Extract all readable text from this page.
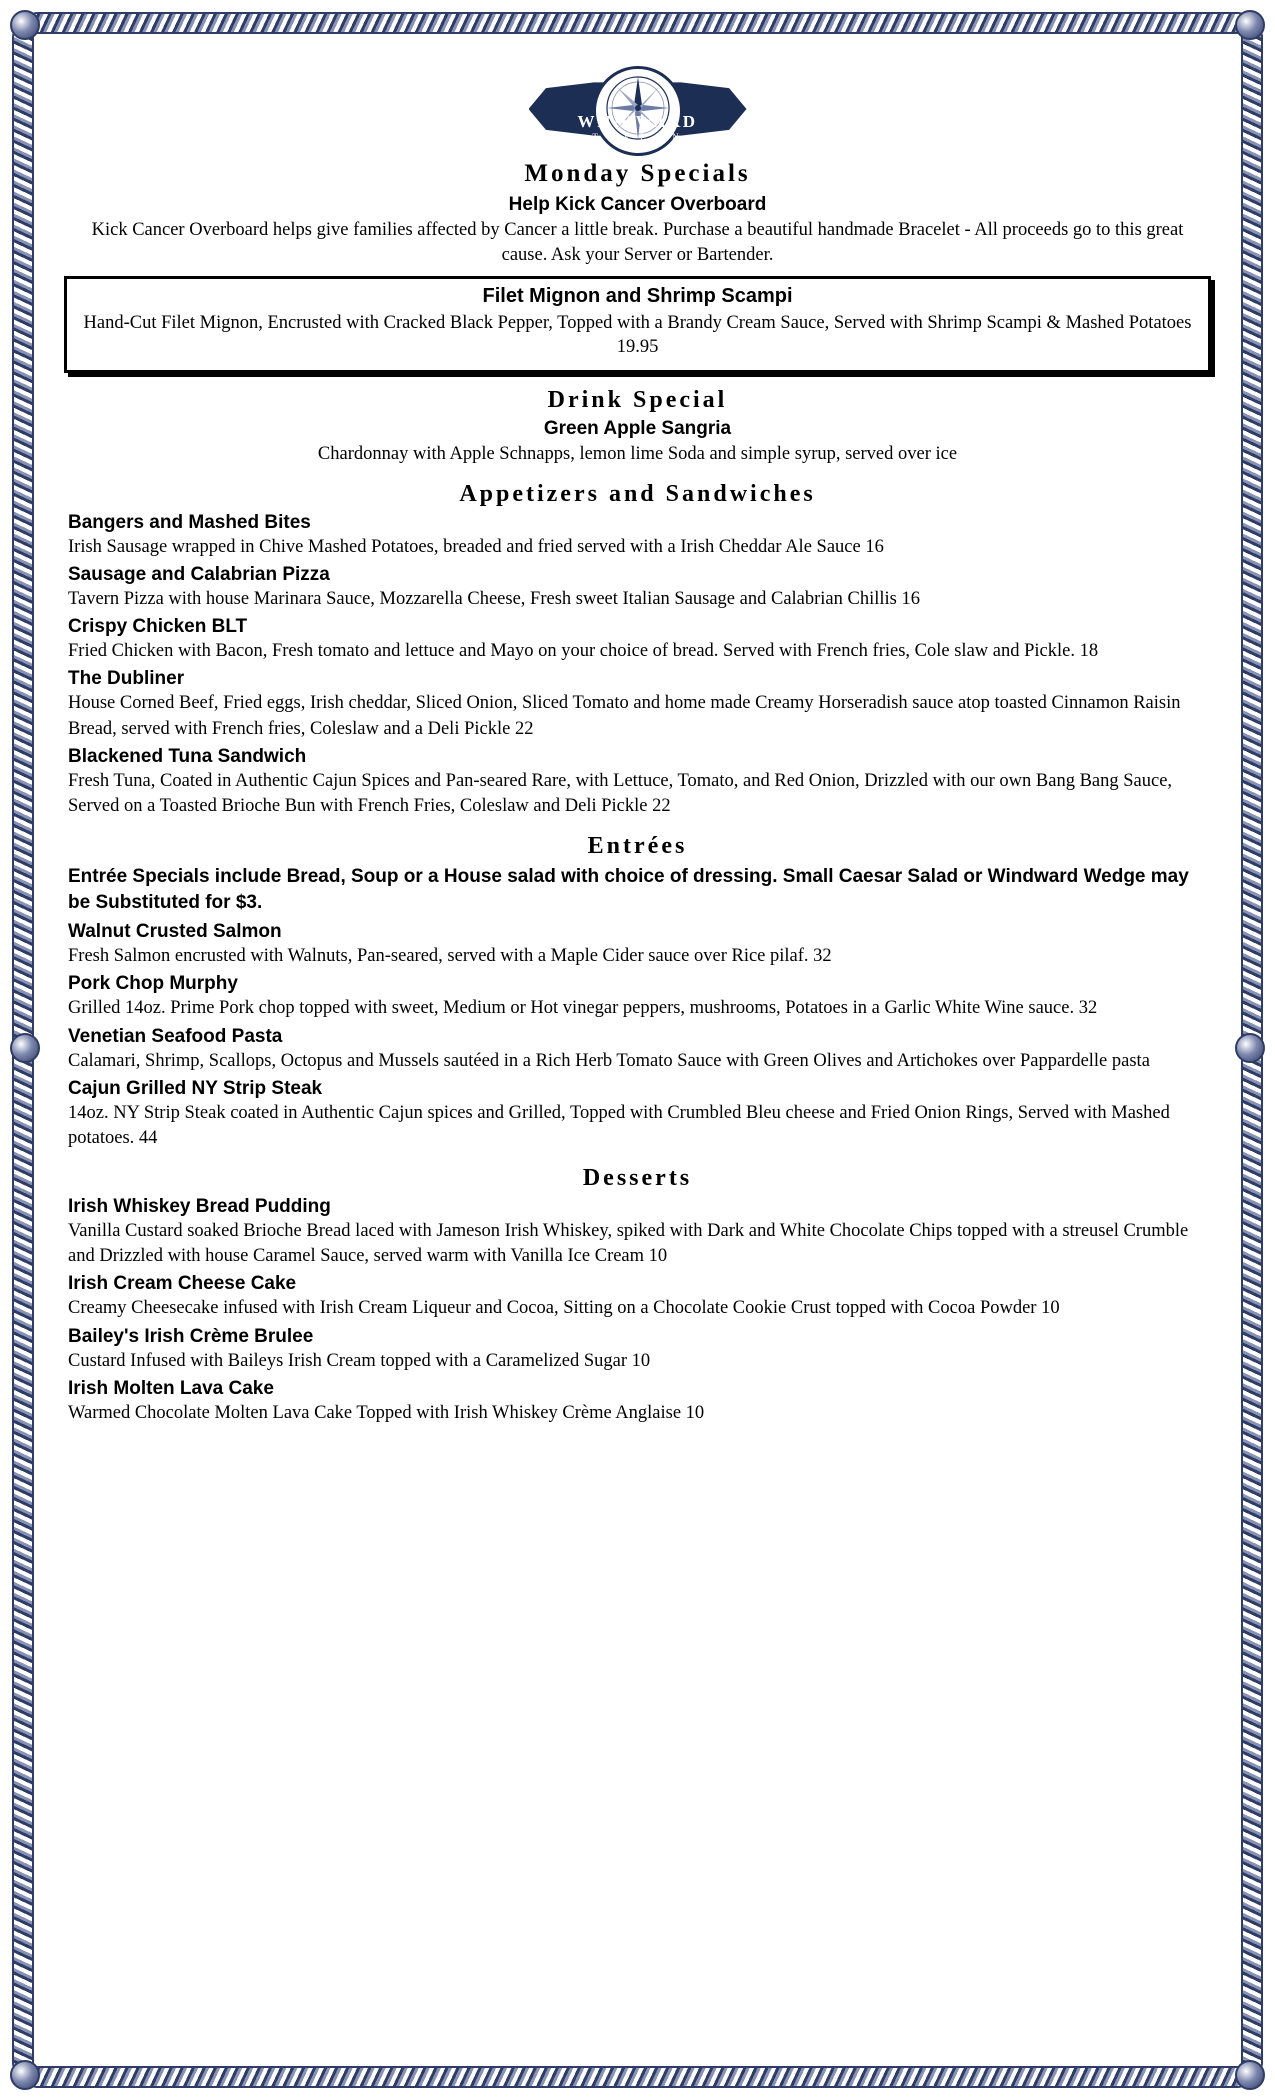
WINDWARD
T A V E R N
Monday Specials
Help Kick Cancer Overboard
Kick Cancer Overboard helps give families affected by Cancer a little break. Purchase a beautiful handmade Bracelet - All proceeds go to this great cause. Ask your Server or Bartender.
Filet Mignon and Shrimp Scampi
Hand-Cut Filet Mignon, Encrusted with Cracked Black Pepper, Topped with a Brandy Cream Sauce, Served with Shrimp Scampi & Mashed Potatoes 19.95
Drink Special
Green Apple Sangria
Chardonnay with Apple Schnapps, lemon lime Soda and simple syrup, served over ice
Appetizers and Sandwiches
Bangers and Mashed Bites
Irish Sausage wrapped in Chive Mashed Potatoes, breaded and fried served with a Irish Cheddar Ale Sauce 16
Sausage and Calabrian Pizza
Tavern Pizza with house Marinara Sauce, Mozzarella Cheese, Fresh sweet Italian Sausage and Calabrian Chillis 16
Crispy Chicken BLT
Fried Chicken with Bacon, Fresh tomato and lettuce and Mayo on your choice of bread. Served with French fries, Cole slaw and Pickle. 18
The Dubliner
House Corned Beef, Fried eggs, Irish cheddar, Sliced Onion, Sliced Tomato and home made Creamy Horseradish sauce atop toasted Cinnamon Raisin Bread, served with French fries, Coleslaw and a Deli Pickle 22
Blackened Tuna Sandwich
Fresh Tuna, Coated in Authentic Cajun Spices and Pan-seared Rare, with Lettuce, Tomato, and Red Onion, Drizzled with our own Bang Bang Sauce, Served on a Toasted Brioche Bun with French Fries, Coleslaw and Deli Pickle 22
Entrées
Entrée Specials include Bread, Soup or a House salad with choice of dressing. Small Caesar Salad or Windward Wedge may be Substituted for $3.
Walnut Crusted Salmon
Fresh Salmon encrusted with Walnuts, Pan-seared, served with a Maple Cider sauce over Rice pilaf. 32
Pork Chop Murphy
Grilled 14oz. Prime Pork chop topped with sweet, Medium or Hot vinegar peppers, mushrooms, Potatoes in a Garlic White Wine sauce. 32
Venetian Seafood Pasta
Calamari, Shrimp, Scallops, Octopus and Mussels sautéed in a Rich Herb Tomato Sauce with Green Olives and Artichokes over Pappardelle pasta
Cajun Grilled NY Strip Steak
14oz. NY Strip Steak coated in Authentic Cajun spices and Grilled, Topped with Crumbled Bleu cheese and Fried Onion Rings, Served with Mashed potatoes. 44
Desserts
Irish Whiskey Bread Pudding
Vanilla Custard soaked Brioche Bread laced with Jameson Irish Whiskey, spiked with Dark and White Chocolate Chips topped with a streusel Crumble and Drizzled with house Caramel Sauce, served warm with Vanilla Ice Cream 10
Irish Cream Cheese Cake
Creamy Cheesecake infused with Irish Cream Liqueur and Cocoa, Sitting on a Chocolate Cookie Crust topped with Cocoa Powder 10
Bailey's Irish Crème Brulee
Custard Infused with Baileys Irish Cream topped with a Caramelized Sugar 10
Irish Molten Lava Cake
Warmed Chocolate Molten Lava Cake Topped with Irish Whiskey Crème Anglaise 10
